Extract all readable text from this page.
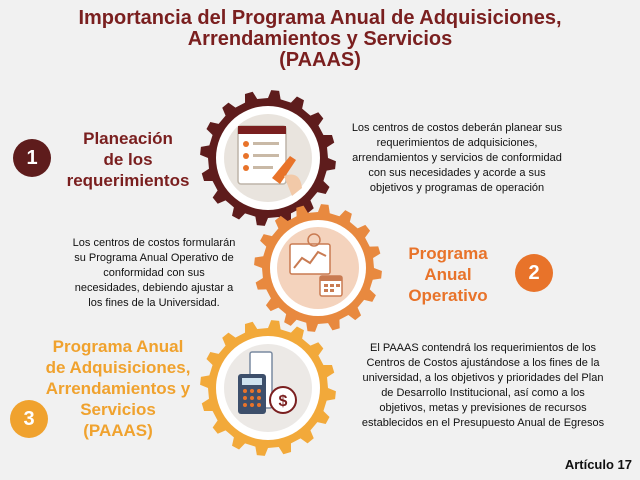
Importancia del Programa Anual de Adquisiciones,
Arrendamientos y Servicios
(PAAAS)
$
1
Planeación
de los
requerimientos
Los centros de costos deberán planear sus
requerimientos de adquisiciones,
arrendamientos y servicios de conformidad
con sus necesidades y acorde a sus
objetivos y programas de operación
Los centros de costos formularán
su Programa Anual Operativo de
conformidad con sus
necesidades, debiendo ajustar a
los fines de la Universidad.
Programa
Anual
Operativo
2
Programa Anual
de Adquisiciones,
Arrendamientos y
Servicios
(PAAAS)
3
El PAAAS contendrá los requerimientos de los
Centros de Costos ajustándose a los fines de la
universidad, a los objetivos y prioridades del Plan
de Desarrollo Institucional, así como a los
objetivos, metas y previsiones de recursos
establecidos en el Presupuesto Anual de Egresos
Artículo 17
